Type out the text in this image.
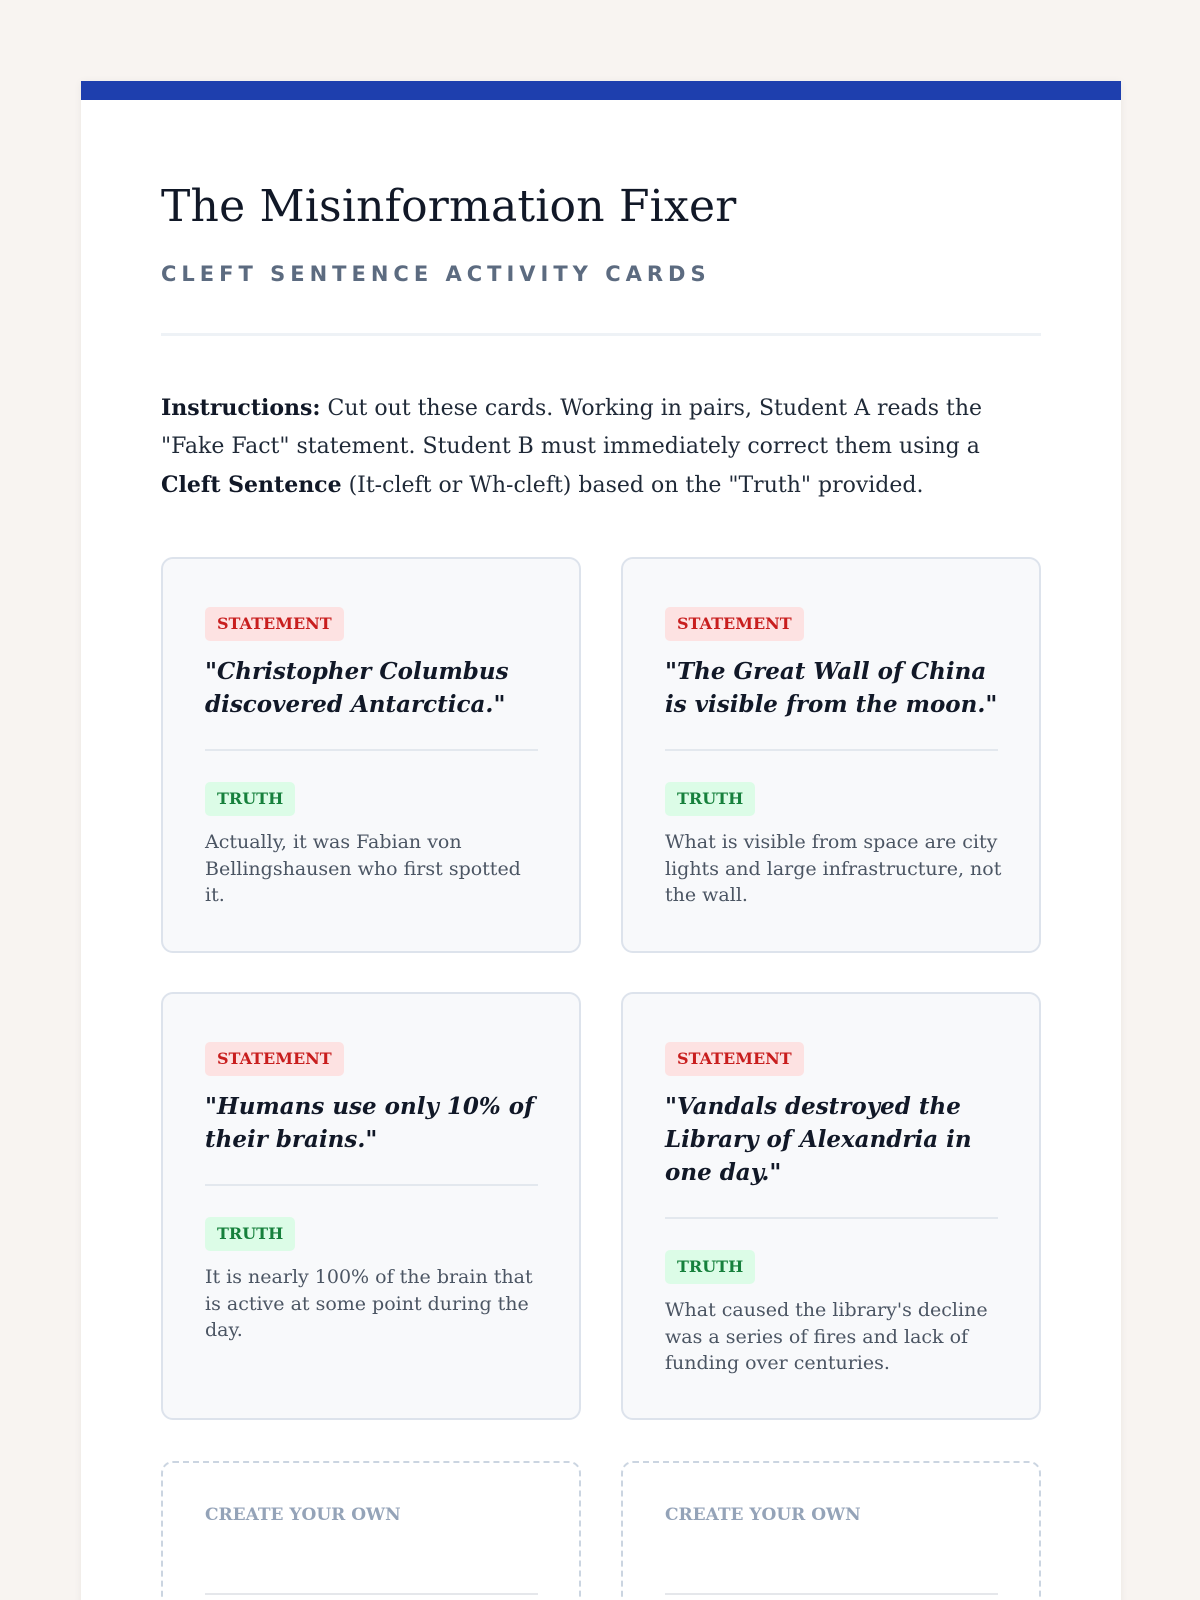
The Misinformation Fixer
CLEFT SENTENCE ACTIVITY CARDS

Instructions: Cut out these cards. Working in pairs, Student A reads the "Fake Fact" statement. Student B must immediately correct them using a Cleft Sentence (It-cleft or Wh-cleft) based on the "Truth" provided.

STATEMENT
"Christopher Columbus discovered Antarctica."
TRUTH
Actually, it was Fabian von Bellingshausen who first spotted it.
STATEMENT
"The Great Wall of China is visible from the moon."
TRUTH
What is visible from space are city lights and large infrastructure, not the wall.
STATEMENT
"Humans use only 10% of their brains."
TRUTH
It is nearly 100% of the brain that is active at some point during the day.
STATEMENT
"Vandals destroyed the Library of Alexandria in one day."
TRUTH
What caused the library's decline was a series of fires and lack of funding over centuries.
CREATE YOUR OWN	CREATE YOUR OWN
